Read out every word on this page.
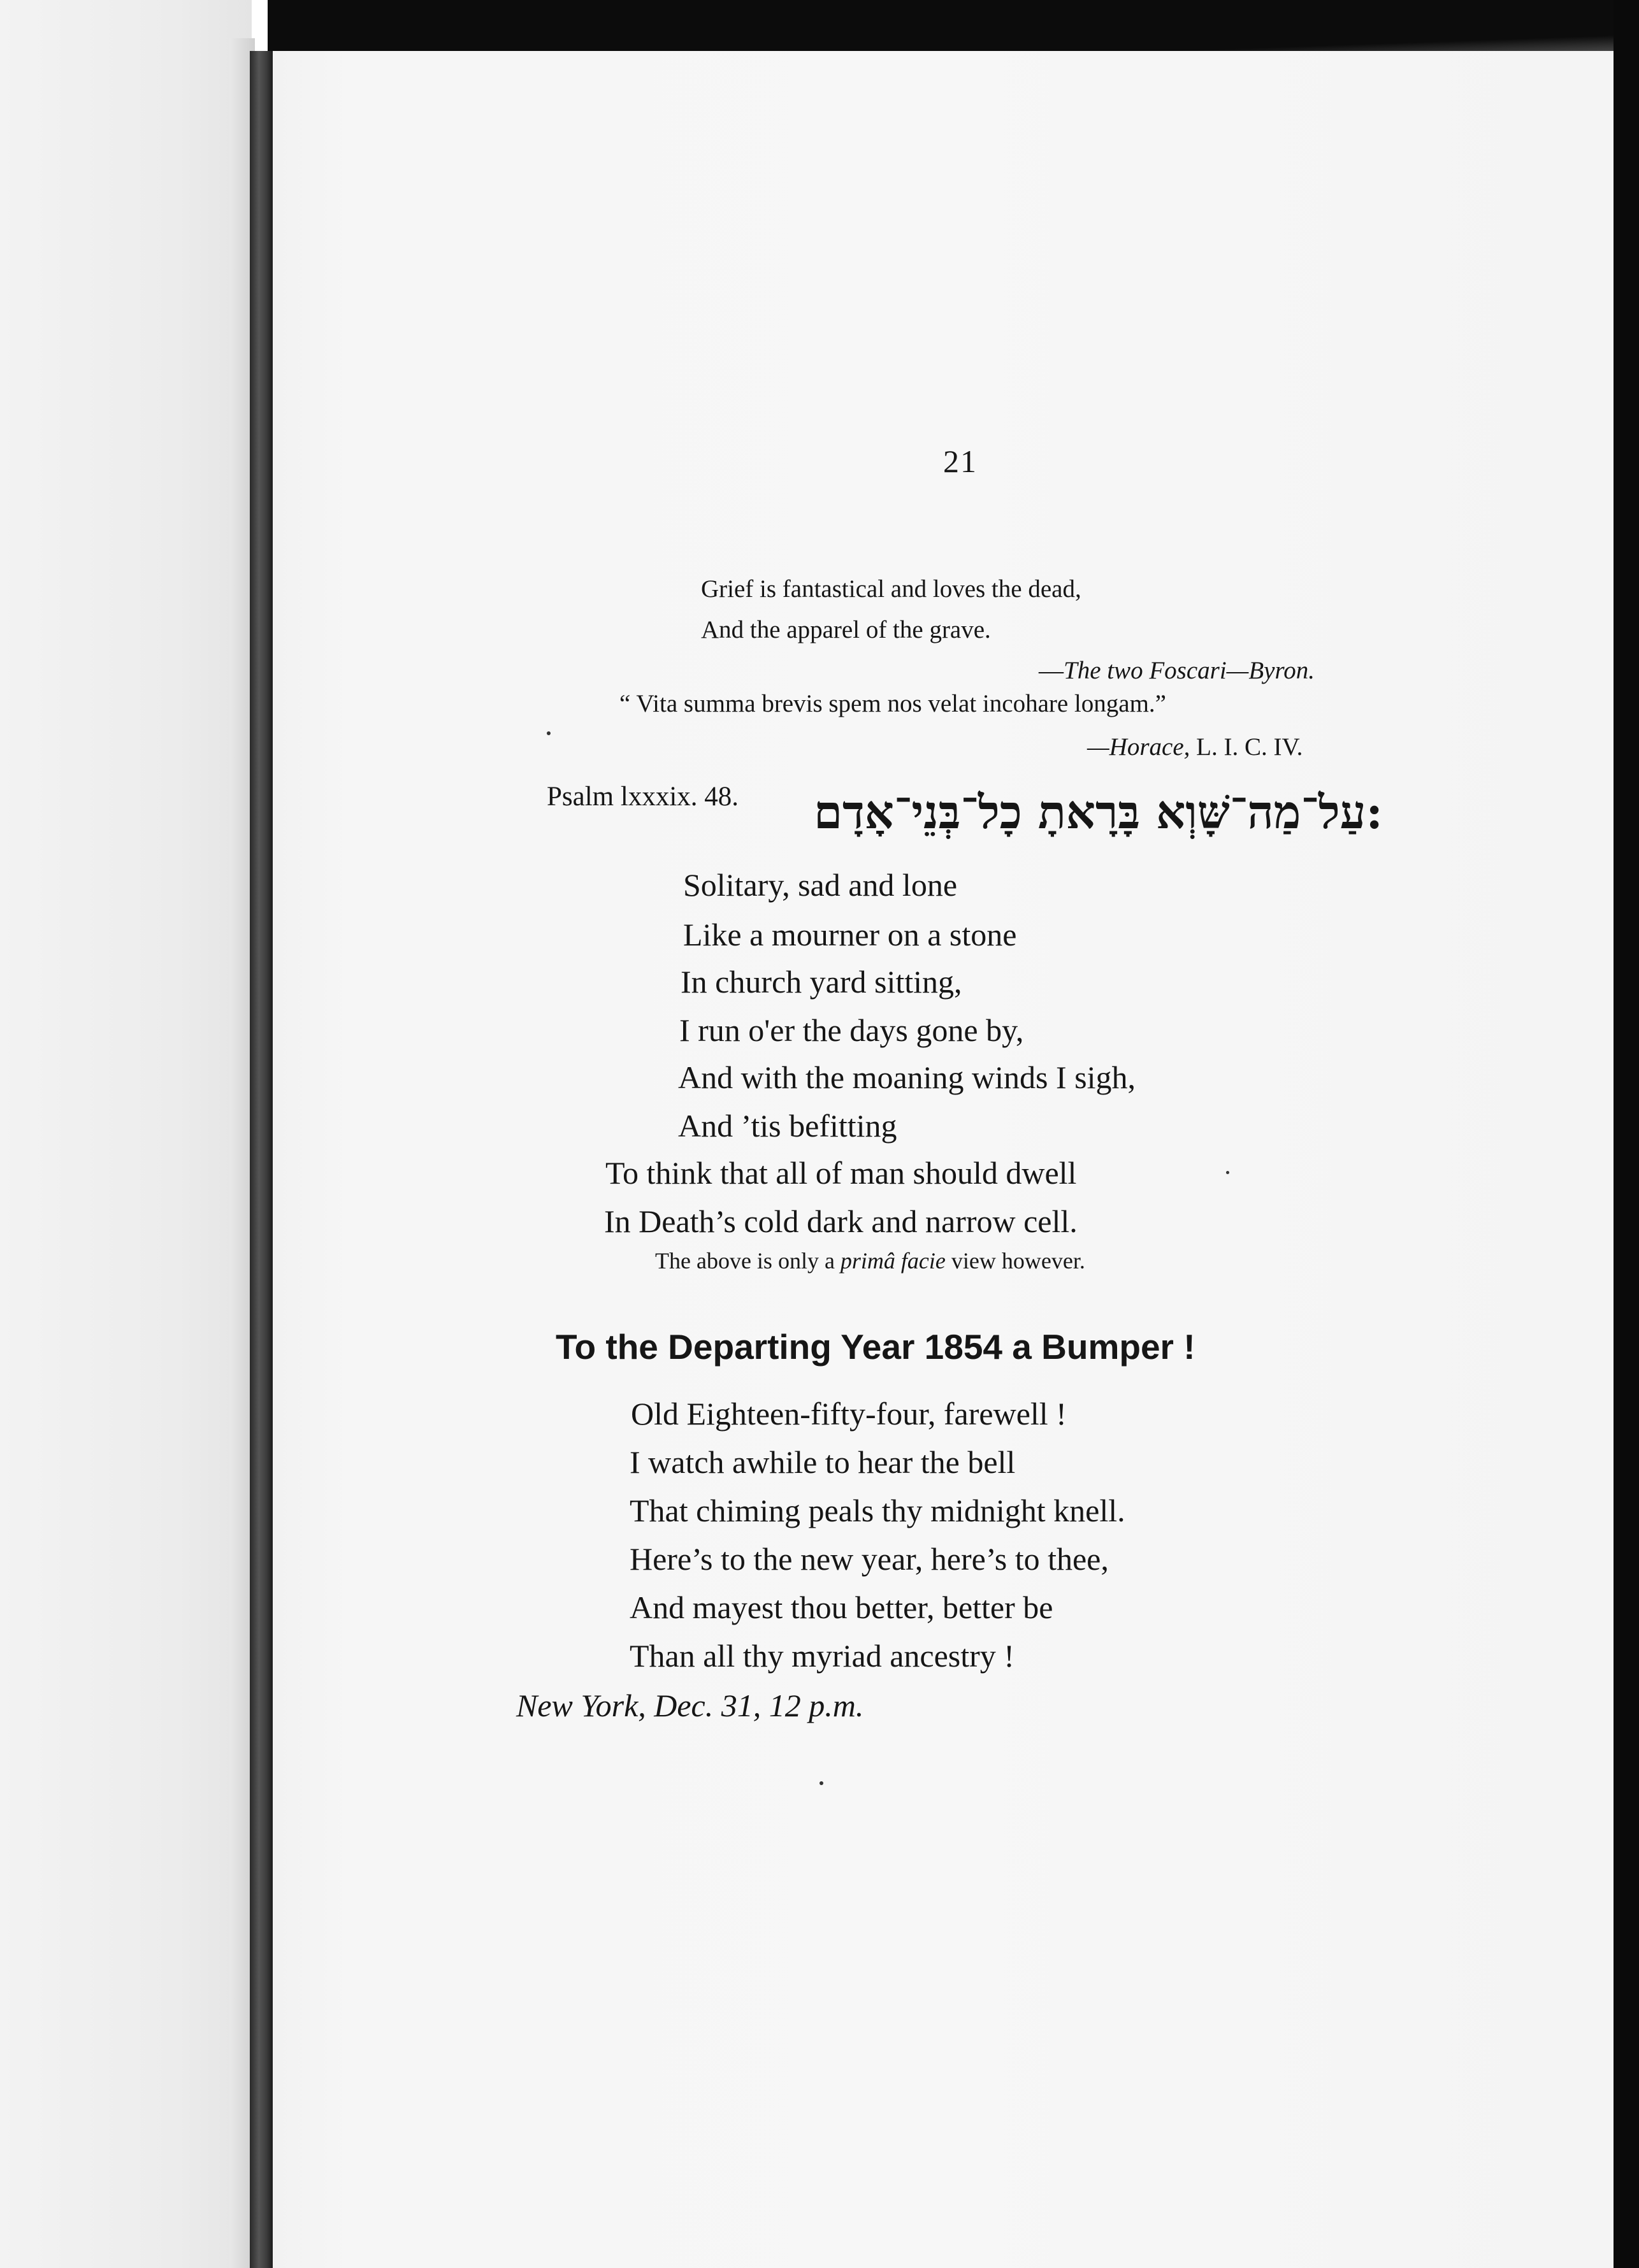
21

Grief is fantastical and loves the dead,

And the apparel of the grave.

—The two Foscari—Byron.

“ Vita summa brevis spem nos velat incohare longam.”

—Horace, L. I. C. IV.

Psalm lxxxix. 48.	:עַל־מַה־שָּׁוְא בָּרָאתָ כָל־בְּנֵי־אָדָם

Solitary, sad and lone

Like a mourner on a stone

In church yard sitting,

I run o'er the days gone by,

And with the moaning winds I sigh,

And ’tis befitting

To think that all of man should dwell

In Death’s cold dark and narrow cell.

The above is only a primâ facie view however.

To the Departing Year 1854 a Bumper !

Old Eighteen-fifty-four, farewell !

I watch awhile to hear the bell

That chiming peals thy midnight knell.

Here’s to the new year, here’s to thee,

And mayest thou better, better be

Than all thy myriad ancestry !

New York, Dec. 31, 12 p.m.
